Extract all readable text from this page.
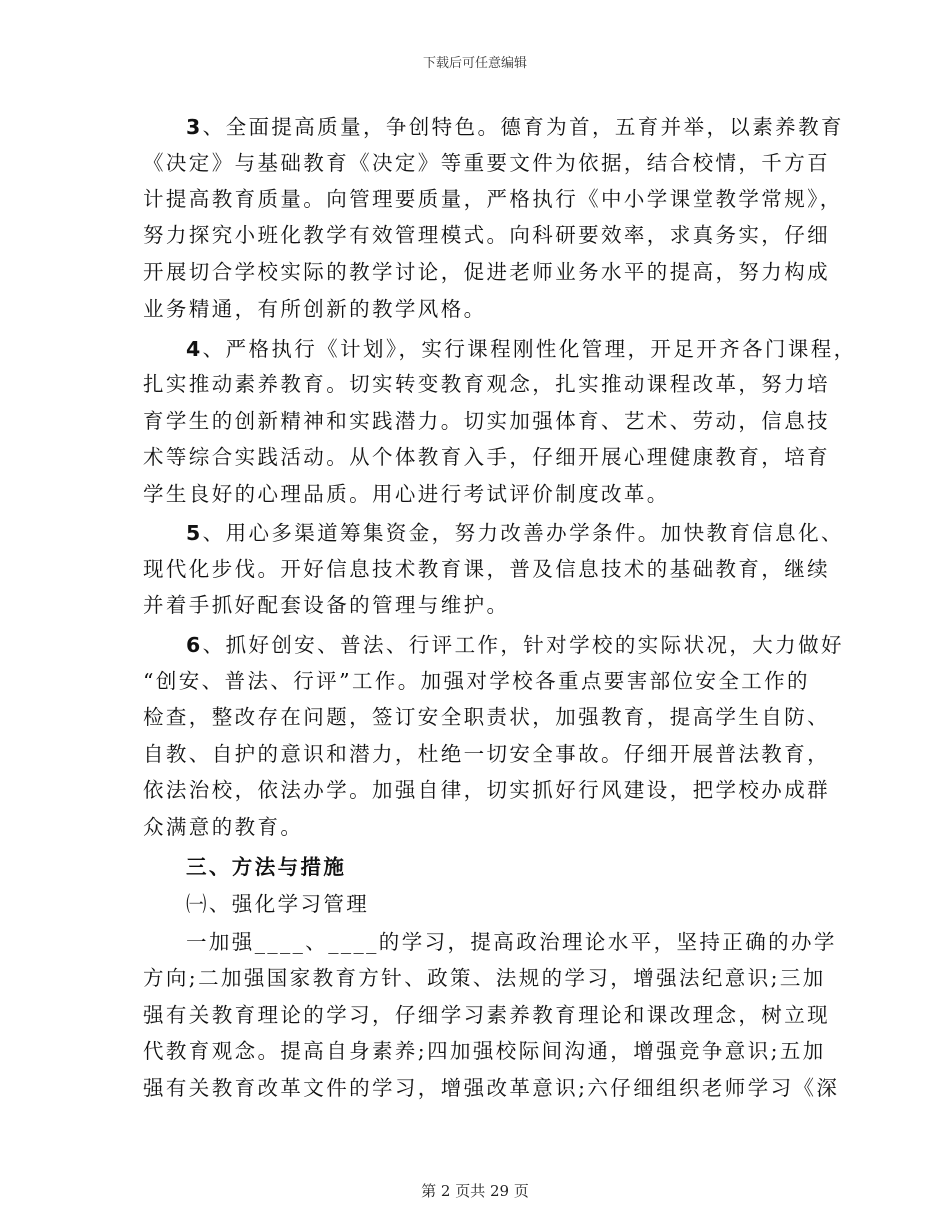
下载后可任意编辑
3、全面提高质量，争创特色。德育为首，五育并举，以素养教育
《决定》与基础教育《决定》等重要文件为依据，结合校情，千方百
计提高教育质量。向管理要质量，严格执行《中小学课堂教学常规》，
努力探究小班化教学有效管理模式。向科研要效率，求真务实，仔细
开展切合学校实际的教学讨论，促进老师业务水平的提高，努力构成
业务精通，有所创新的教学风格。
4、严格执行《计划》，实行课程刚性化管理，开足开齐各门课程，
扎实推动素养教育。切实转变教育观念，扎实推动课程改革，努力培
育学生的创新精神和实践潜力。切实加强体育、艺术、劳动，信息技
术等综合实践活动。从个体教育入手，仔细开展心理健康教育，培育
学生良好的心理品质。用心进行考试评价制度改革。
5、用心多渠道筹集资金，努力改善办学条件。加快教育信息化、
现代化步伐。开好信息技术教育课，普及信息技术的基础教育，继续
并着手抓好配套设备的管理与维护。
6、抓好创安、普法、行评工作，针对学校的实际状况，大力做好
“创安、普法、行评”工作。加强对学校各重点要害部位安全工作的
检查，整改存在问题，签订安全职责状，加强教育，提高学生自防、
自教、自护的意识和潜力，杜绝一切安全事故。仔细开展普法教育，
依法治校，依法办学。加强自律，切实抓好行风建设，把学校办成群
众满意的教育。
三、方法与措施
㈠、强化学习管理
一加强____、____的学习，提高政治理论水平，坚持正确的办学
方向;二加强国家教育方针、政策、法规的学习，增强法纪意识;三加
强有关教育理论的学习，仔细学习素养教育理论和课改理念，树立现
代教育观念。提高自身素养;四加强校际间沟通，增强竞争意识;五加
强有关教育改革文件的学习，增强改革意识;六仔细组织老师学习《深
第 2 页共 29 页
